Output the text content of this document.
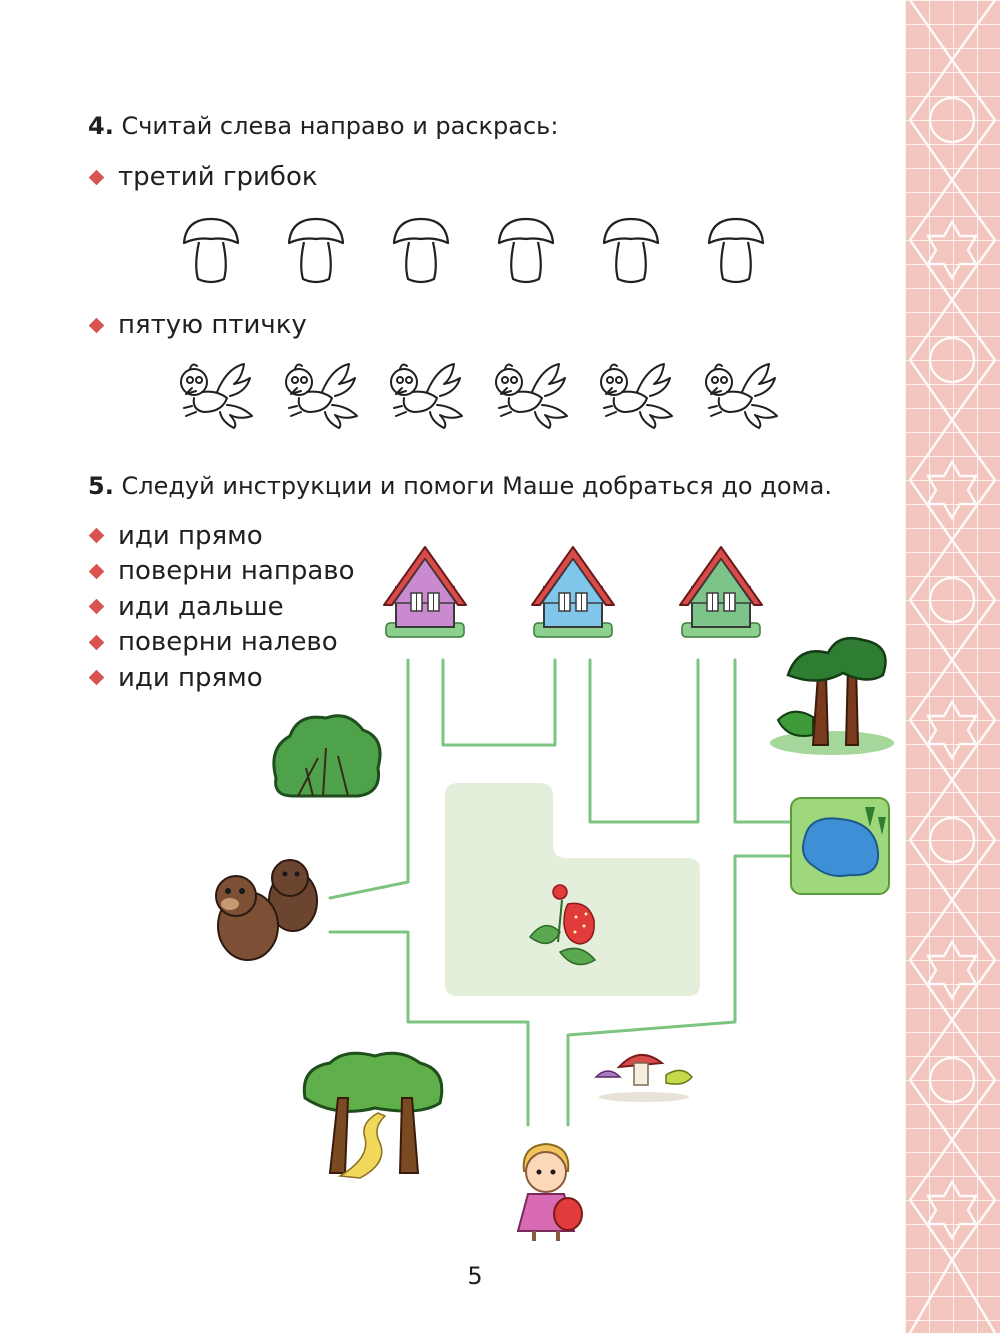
4. Считай слева направо и раскрась:
третий грибок
пятую птичку
5. Следуй инструкции и помоги Маше добраться до дома.
иди прямо
поверни направо
иди дальше
поверни налево
иди прямо
5
